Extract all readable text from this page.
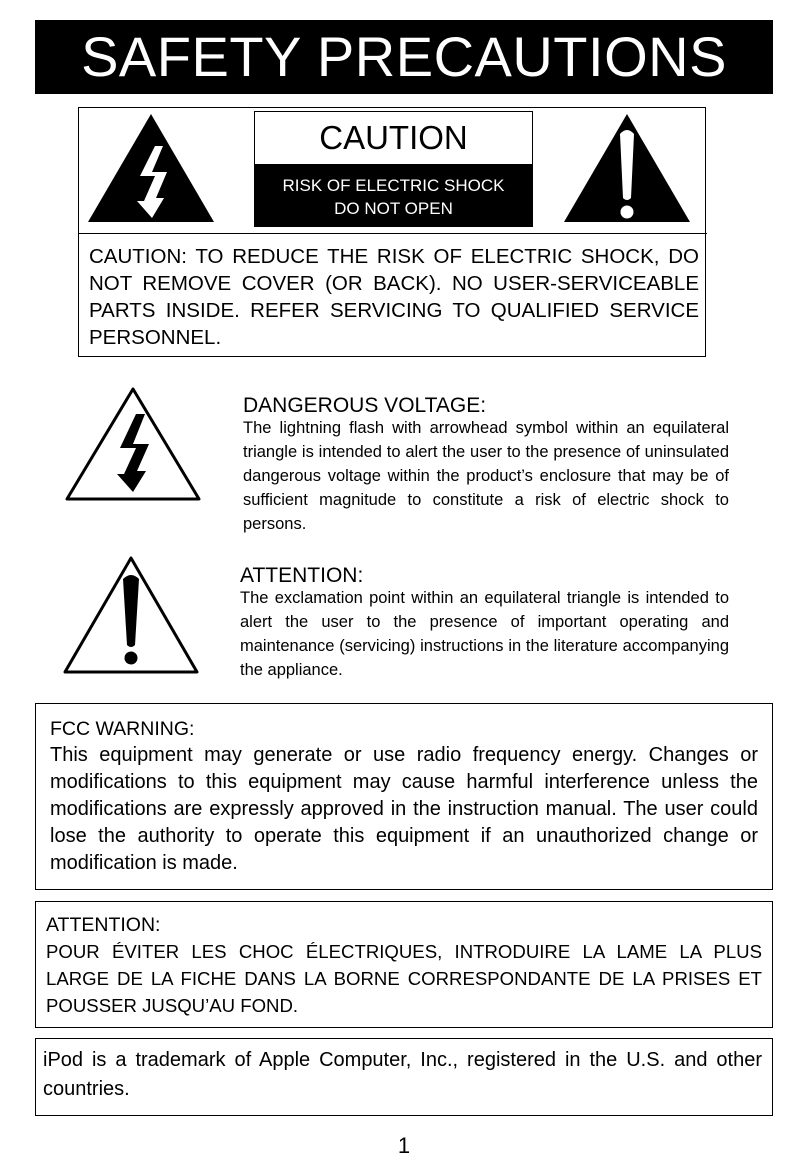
SAFETY PRECAUTIONS
CAUTION
RISK OF ELECTRIC SHOCK
DO NOT OPEN
CAUTION: TO REDUCE THE RISK OF ELECTRIC SHOCK, DO NOT REMOVE COVER (OR BACK). NO USER-SERVICEABLE PARTS INSIDE. REFER SERVICING TO QUALIFIED SERVICE PERSONNEL.
DANGEROUS VOLTAGE:
The lightning flash with arrowhead symbol within an equilateral triangle is intended to alert the user to the presence of uninsulated dangerous voltage within the product’s enclosure that may be of sufficient magnitude to constitute a risk of electric shock to persons.
ATTENTION:
The exclamation point within an equilateral triangle is intended to alert the user to the presence of important operating and maintenance (servicing) instructions in the literature accompanying the appliance.
FCC WARNING:
This equipment may generate or use radio frequency energy. Changes or modifications to this equipment may cause harmful interference unless the modifications are expressly approved in the instruction manual. The user could lose the authority to operate this equipment if an unauthorized change or modification is made.
ATTENTION:
POUR ÉVITER LES CHOC ÉLECTRIQUES, INTRODUIRE LA LAME LA PLUS LARGE DE LA FICHE DANS LA BORNE CORRESPONDANTE DE LA PRISES ET POUSSER JUSQU’AU FOND.
iPod is a trademark of Apple Computer, Inc., registered in the U.S. and other countries.
1
